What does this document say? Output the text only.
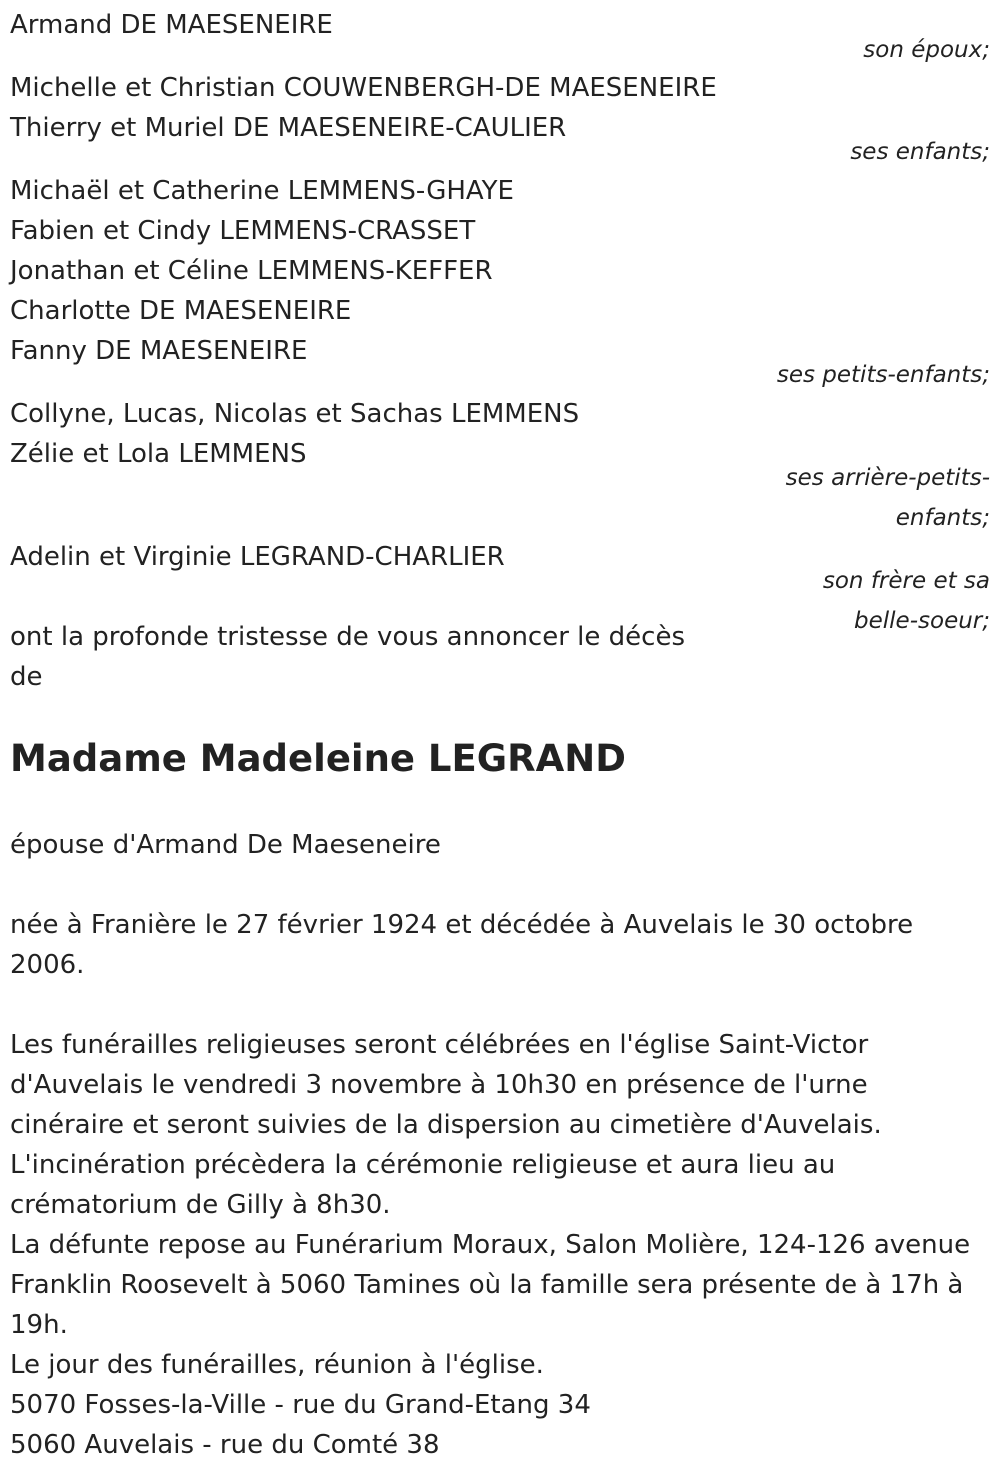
Armand DE MAESENEIRE
son époux;
Michelle et Christian COUWENBERGH-DE MAESENEIRE
Thierry et Muriel DE MAESENEIRE-CAULIER
ses enfants;
Michaël et Catherine LEMMENS-GHAYE
Fabien et Cindy LEMMENS-CRASSET
Jonathan et Céline LEMMENS-KEFFER
Charlotte DE MAESENEIRE
Fanny DE MAESENEIRE
ses petits-enfants;
Collyne, Lucas, Nicolas et Sachas LEMMENS
Zélie et Lola LEMMENS
ses arrière-petits-
enfants;
Adelin et Virginie LEGRAND-CHARLIER
son frère et sa
belle-soeur;
ont la profonde tristesse de vous annoncer le décès
de
Madame Madeleine LEGRAND
épouse d'Armand De Maeseneire
née à Franière le 27 février 1924 et décédée à Auvelais le 30 octobre
2006.
Les funérailles religieuses seront célébrées en l'église Saint-Victor
d'Auvelais le vendredi 3 novembre à 10h30 en présence de l'urne
cinéraire et seront suivies de la dispersion au cimetière d'Auvelais.
L'incinération précèdera la cérémonie religieuse et aura lieu au
crématorium de Gilly à 8h30.
La défunte repose au Funérarium Moraux, Salon Molière, 124-126 avenue
Franklin Roosevelt à 5060 Tamines où la famille sera présente de à 17h à
19h.
Le jour des funérailles, réunion à l'église.
5070 Fosses-la-Ville - rue du Grand-Etang 34
5060 Auvelais - rue du Comté 38
